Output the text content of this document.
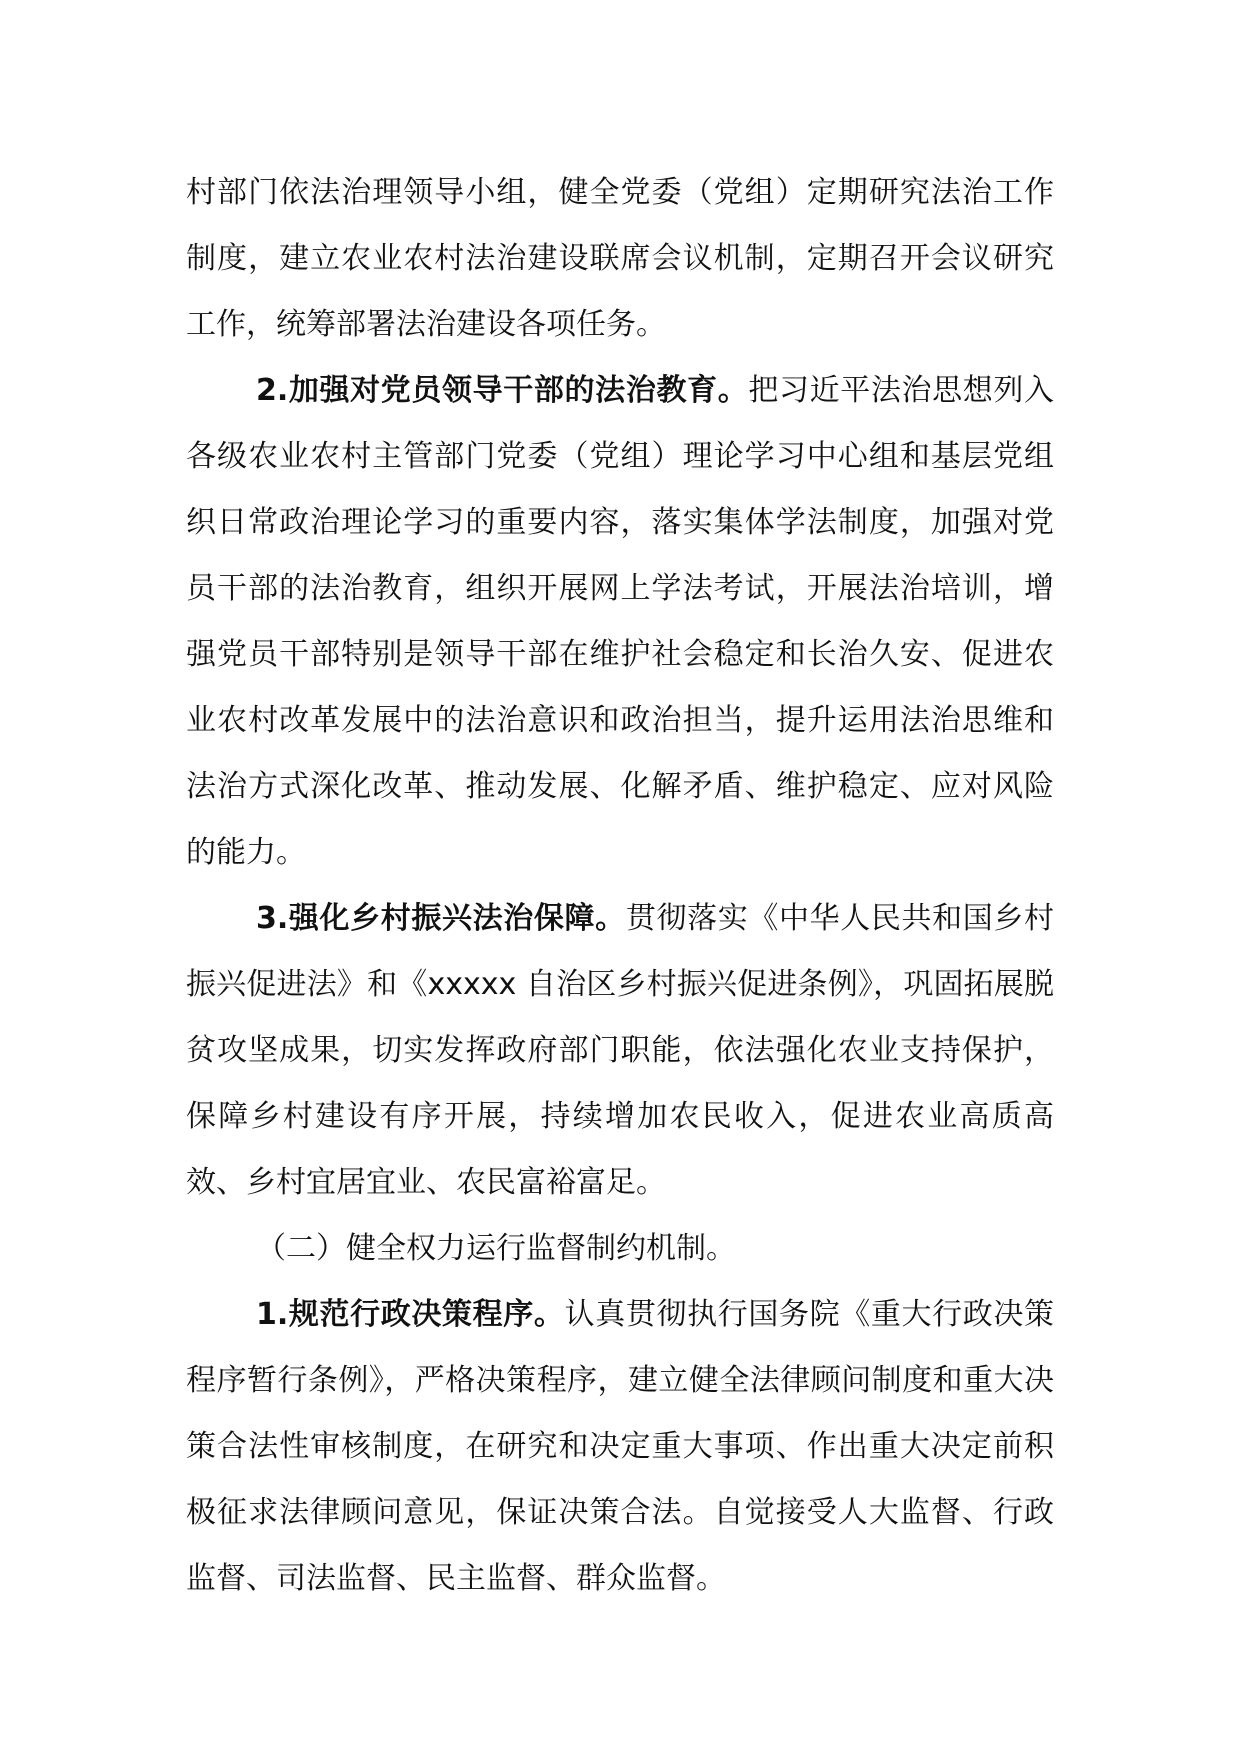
村部门依法治理领导小组，健全党委（党组）定期研究法治工作制度，建立农业农村法治建设联席会议机制，定期召开会议研究工作，统筹部署法治建设各项任务。

2.加强对党员领导干部的法治教育。把习近平法治思想列入各级农业农村主管部门党委（党组）理论学习中心组和基层党组织日常政治理论学习的重要内容，落实集体学法制度，加强对党员干部的法治教育，组织开展网上学法考试，开展法治培训，增强党员干部特别是领导干部在维护社会稳定和长治久安、促进农业农村改革发展中的法治意识和政治担当，提升运用法治思维和法治方式深化改革、推动发展、化解矛盾、维护稳定、应对风险的能力。

3.强化乡村振兴法治保障。贯彻落实《中华人民共和国乡村振兴促进法》和《xxxxx 自治区乡村振兴促进条例》，巩固拓展脱贫攻坚成果，切实发挥政府部门职能，依法强化农业支持保护，保障乡村建设有序开展，持续增加农民收入，促进农业高质高效、乡村宜居宜业、农民富裕富足。

（二）健全权力运行监督制约机制。

1.规范行政决策程序。认真贯彻执行国务院《重大行政决策程序暂行条例》，严格决策程序，建立健全法律顾问制度和重大决策合法性审核制度，在研究和决定重大事项、作出重大决定前积极征求法律顾问意见，保证决策合法。自觉接受人大监督、行政监督、司法监督、民主监督、群众监督。
